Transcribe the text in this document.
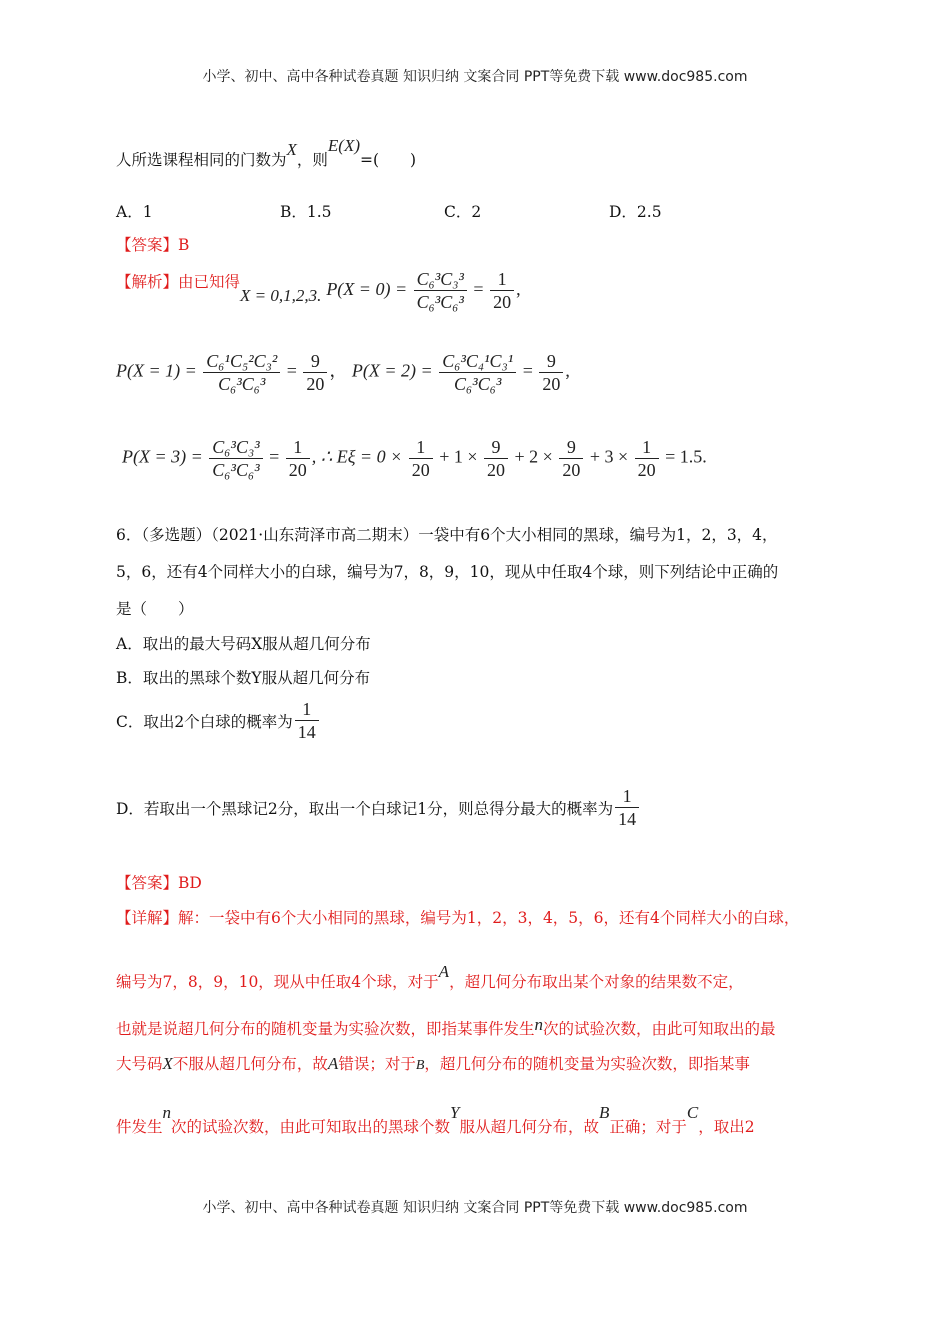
小学、初中、高中各种试卷真题 知识归纳 文案合同 PPT等免费下载 www.doc985.com
人所选课程相同的门数为X，则E(X)=(　　)
A．1	B．1.5	C．2	D．2.5
【答案】B
【解析】由已知得X = 0,1,2,3. $P(X = 0) = \frac{\text{C₆³C₃³}}{\text{C₆³C₆³}} = \frac{1}{20}$ ,
$P(X = 1) = \frac{\text{C₆¹C₅²C₃²}}{\text{C₆³C₆³}} = \frac{9}{20}$ ， $P(X = 2) = \frac{\text{C₆³C₄¹C₃¹}}{\text{C₆³C₆³}} = \frac{9}{20}$ ,
$P(X = 3) = \frac{\text{C₆³C₃³}}{\text{C₆³C₆³}} = \frac{1}{20}$ , ∴ $E\xi = 0 \times \frac{1}{20} + 1 \times \frac{9}{20} + 2 \times \frac{9}{20} + 3 \times \frac{1}{20} = 1.5$.
6．（多选题）（2021·山东菏泽市高二期末）一袋中有6个大小相同的黑球，编号为1，2，3，4，
5，6，还有4个同样大小的白球，编号为7，8，9，10，现从中任取4个球，则下列结论中正确的
是（　　）
A．取出的最大号码X服从超几何分布
B．取出的黑球个数Y服从超几何分布
C．取出2个白球的概率为 $\frac{1}{14}$
D．若取出一个黑球记2分，取出一个白球记1分，则总得分最大的概率为 $\frac{1}{14}$
【答案】BD
【详解】解：一袋中有6个大小相同的黑球，编号为1，2，3，4，5，6，还有4个同样大小的白球，
编号为7，8，9，10，现从中任取4个球，对于A，超几何分布取出某个对象的结果数不定，
也就是说超几何分布的随机变量为实验次数，即指某事件发生n次的试验次数，由此可知取出的最
大号码X不服从超几何分布，故A错误；对于B，超几何分布的随机变量为实验次数，即指某事
件发生n次的试验次数，由此可知取出的黑球个数Y服从超几何分布，故B正确；对于C，取出2
小学、初中、高中各种试卷真题 知识归纳 文案合同 PPT等免费下载 www.doc985.com
